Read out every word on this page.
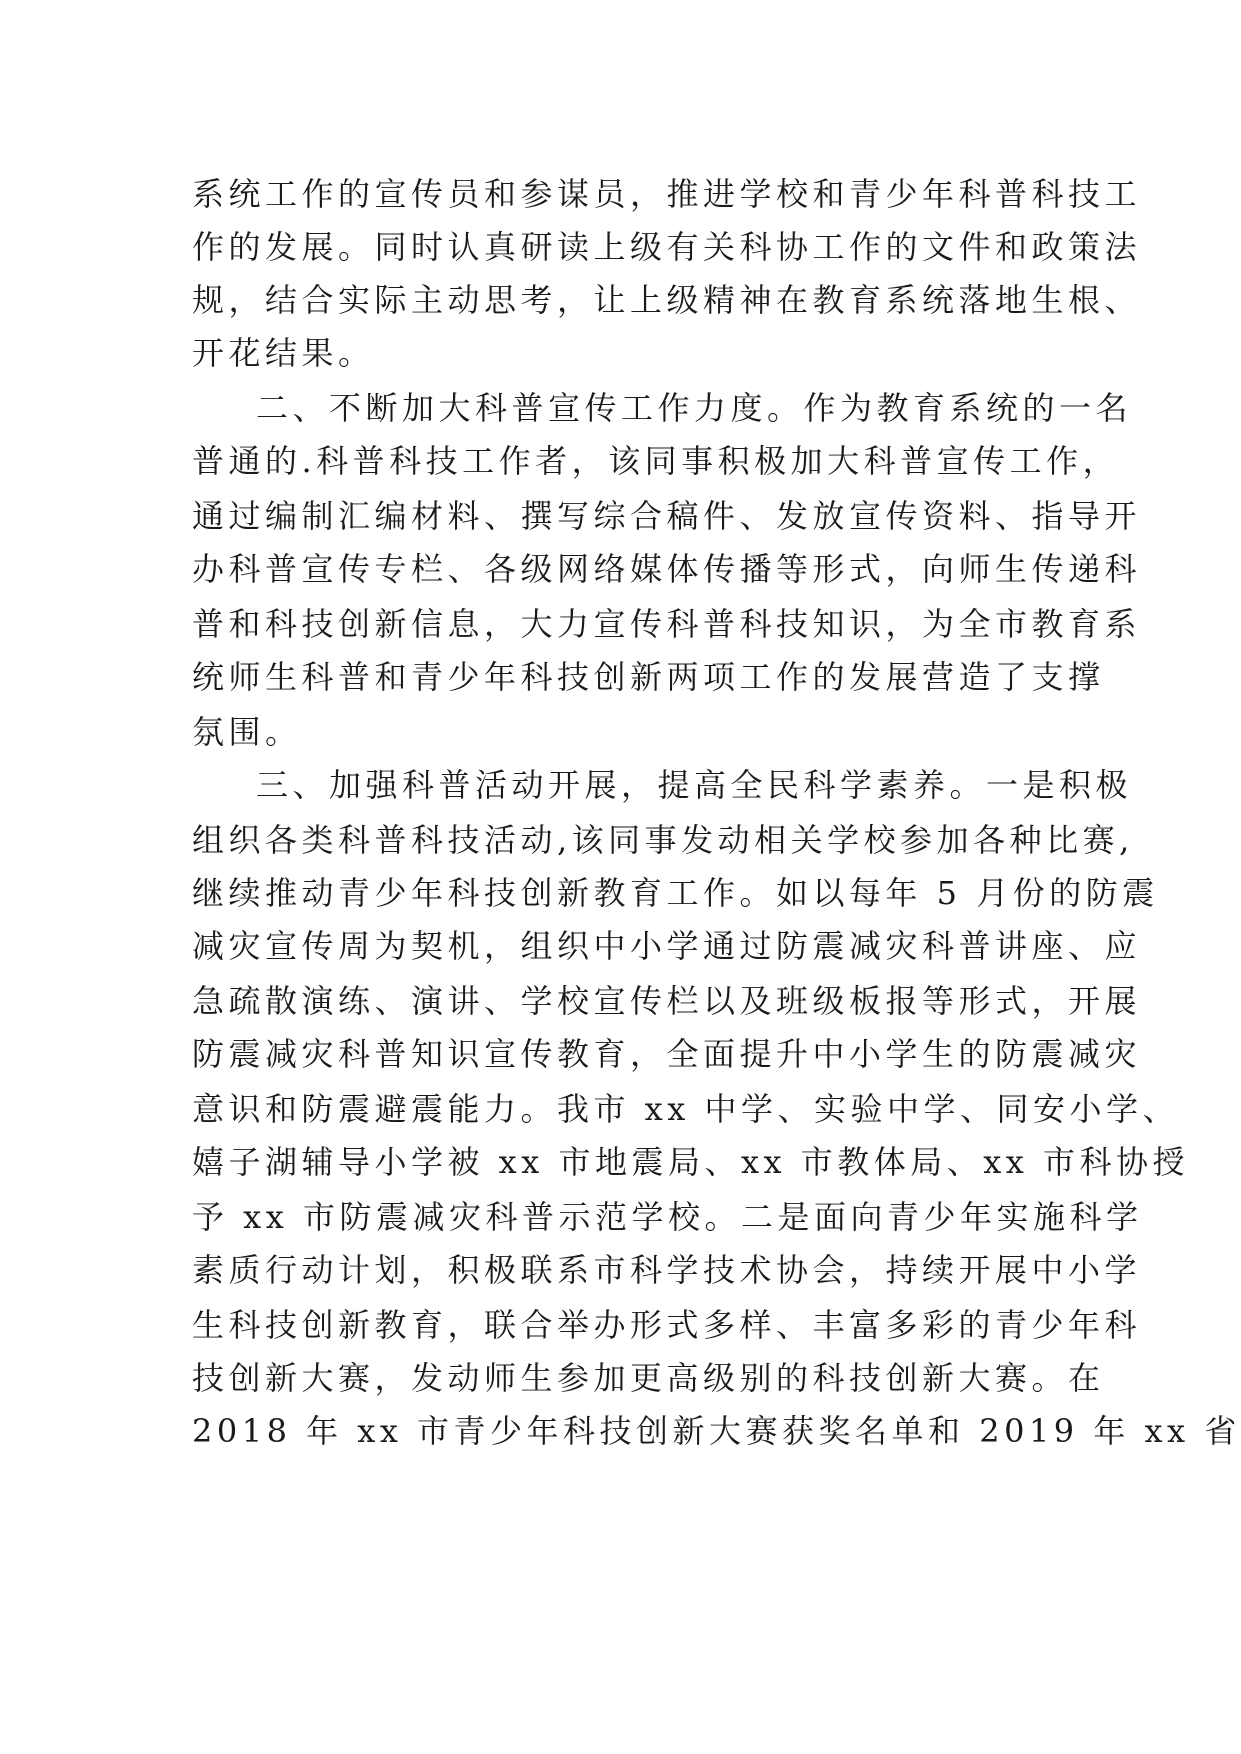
系统工作的宣传员和参谋员，推进学校和青少年科普科技工
作的发展。同时认真研读上级有关科协工作的文件和政策法
规，结合实际主动思考，让上级精神在教育系统落地生根、
开花结果。
二、不断加大科普宣传工作力度。作为教育系统的一名
普通的.科普科技工作者，该同事积极加大科普宣传工作，
通过编制汇编材料、撰写综合稿件、发放宣传资料、指导开
办科普宣传专栏、各级网络媒体传播等形式，向师生传递科
普和科技创新信息，大力宣传科普科技知识，为全市教育系
统师生科普和青少年科技创新两项工作的发展营造了支撑
氛围。
三、加强科普活动开展，提高全民科学素养。一是积极
组织各类科普科技活动,该同事发动相关学校参加各种比赛,
继续推动青少年科技创新教育工作。如以每年 5 月份的防震
减灾宣传周为契机，组织中小学通过防震减灾科普讲座、应
急疏散演练、演讲、学校宣传栏以及班级板报等形式，开展
防震减灾科普知识宣传教育，全面提升中小学生的防震减灾
意识和防震避震能力。我市 xx 中学、实验中学、同安小学、
嬉子湖辅导小学被 xx 市地震局、xx 市教体局、xx 市科协授
予 xx 市防震减灾科普示范学校。二是面向青少年实施科学
素质行动计划，积极联系市科学技术协会，持续开展中小学
生科技创新教育，联合举办形式多样、丰富多彩的青少年科
技创新大赛，发动师生参加更高级别的科技创新大赛。在
2018 年 xx 市青少年科技创新大赛获奖名单和 2019 年 xx 省
